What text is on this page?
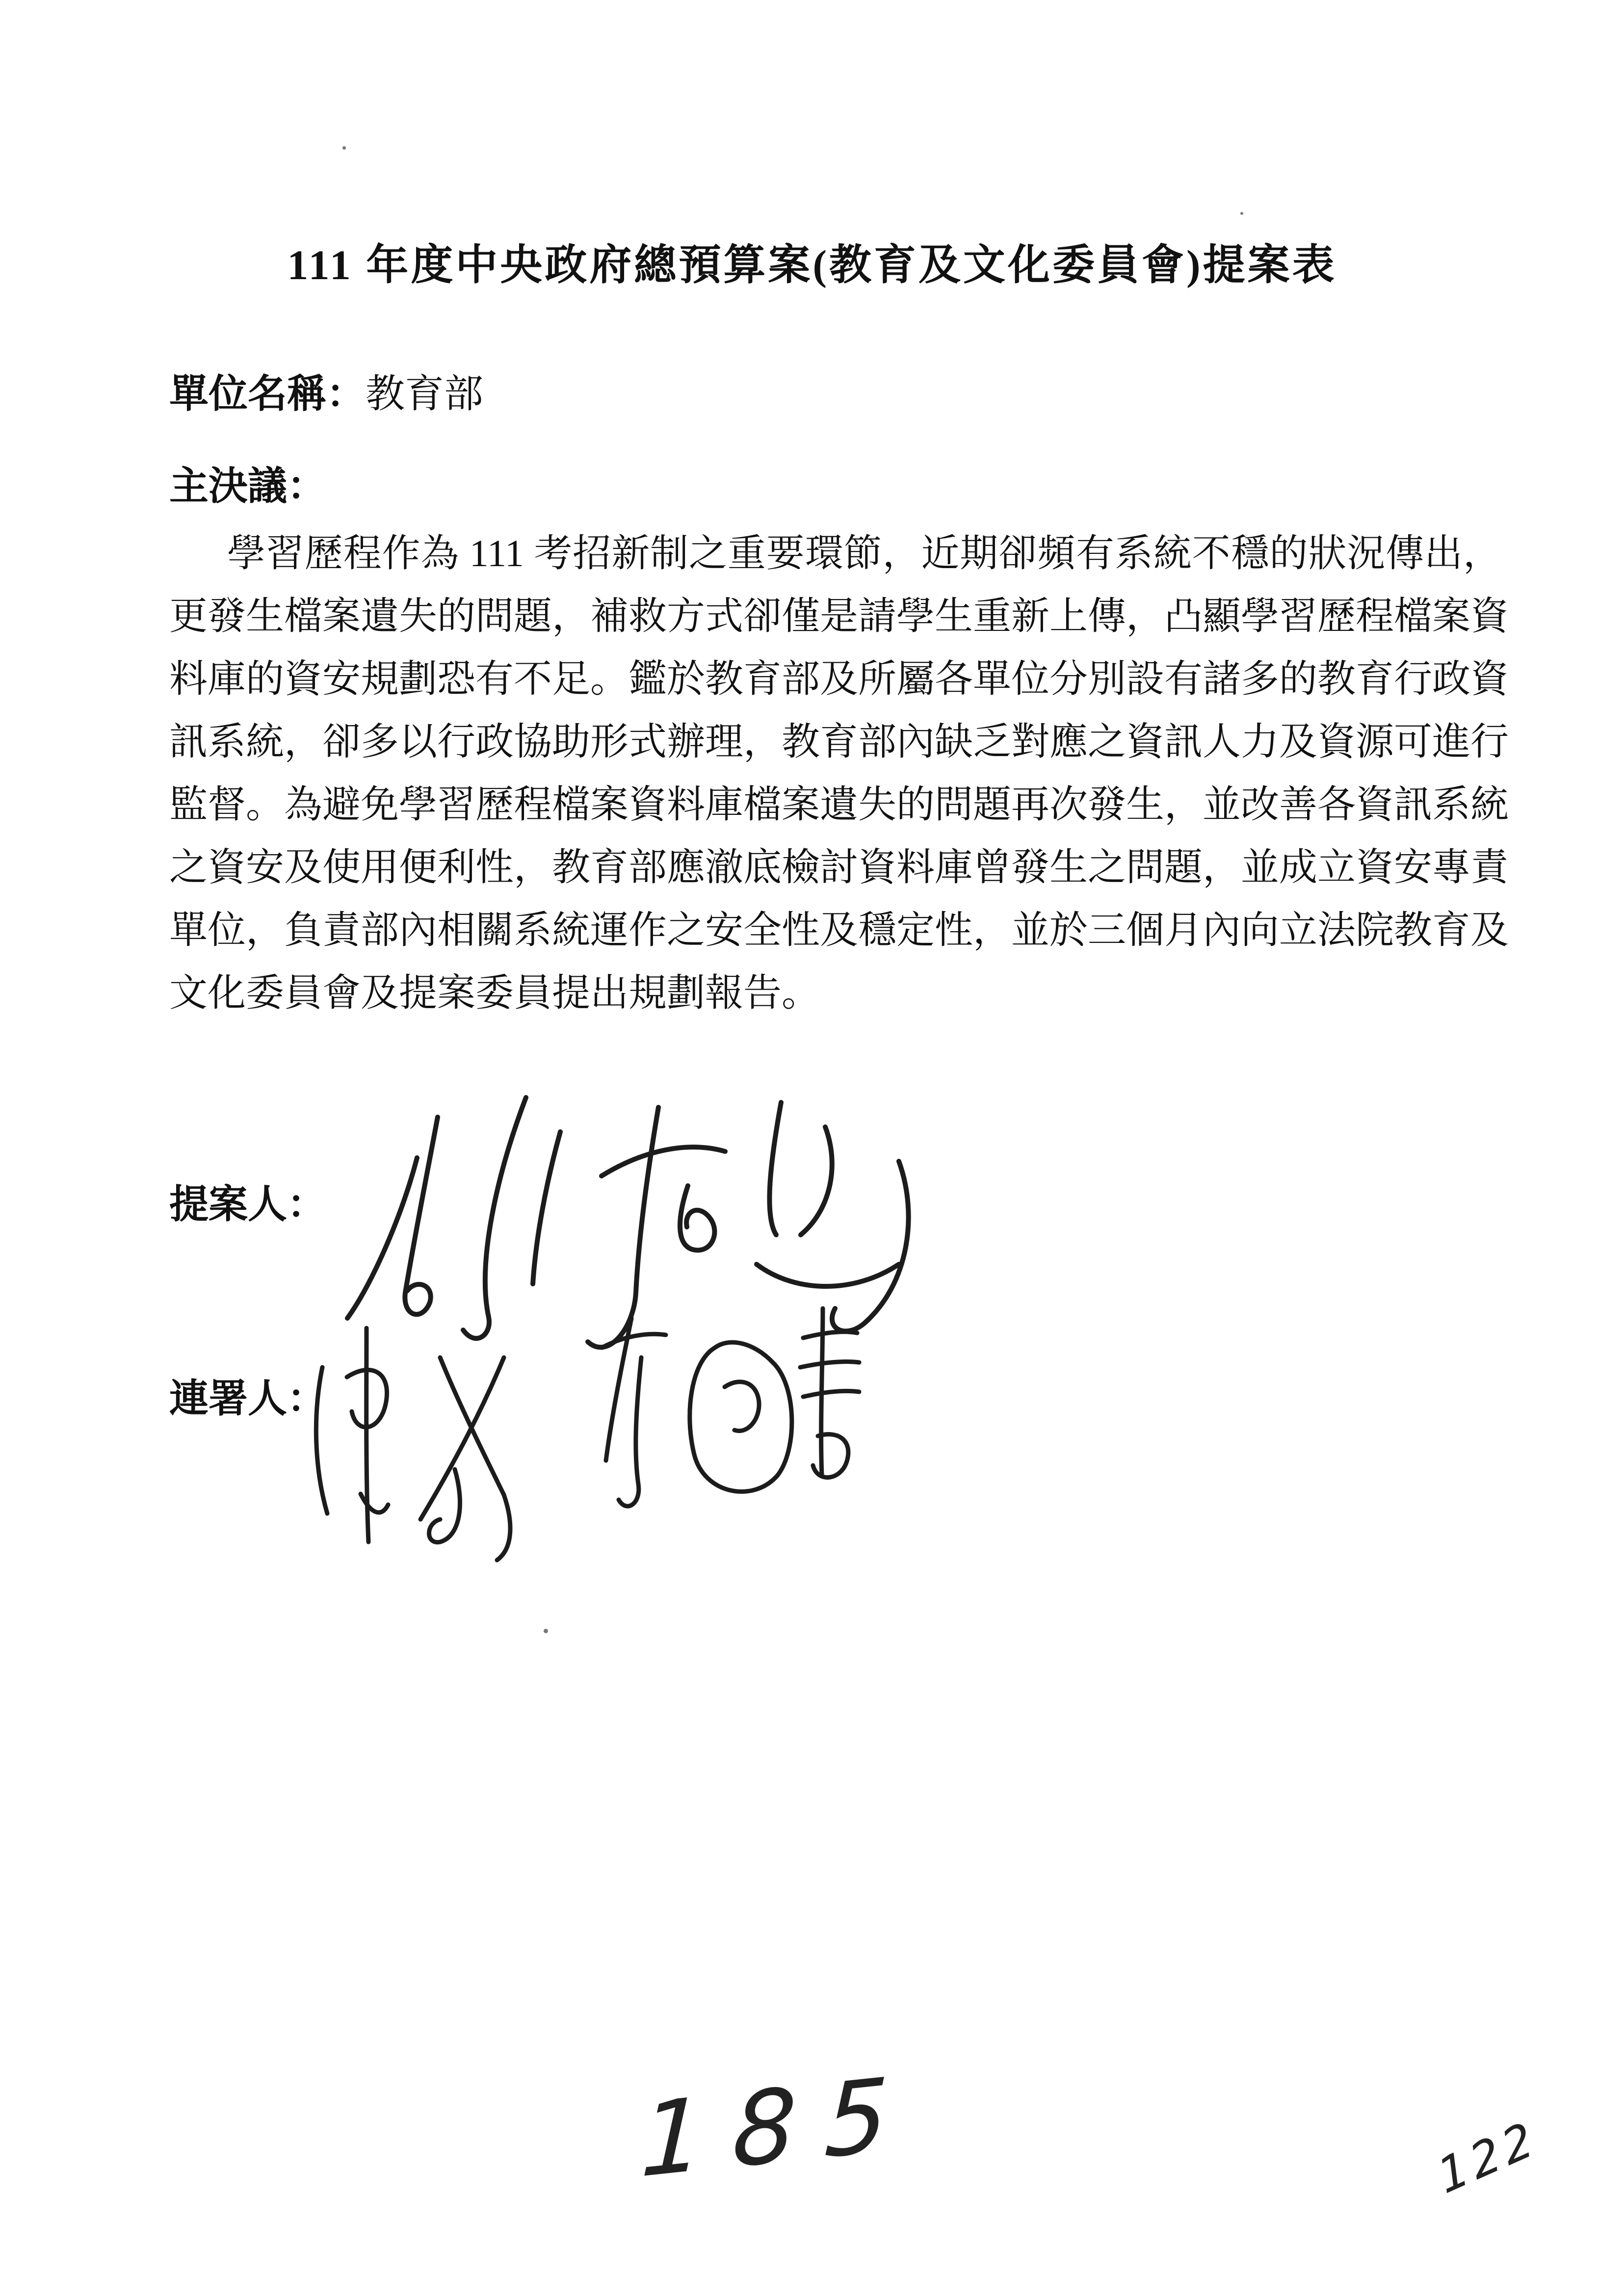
111 年度中央政府總預算案(教育及文化委員會)提案表
單位名稱：教育部
主決議：
學習歷程作為 111 考招新制之重要環節，近期卻頻有系統不穩的狀況傳出，
更發生檔案遺失的問題，補救方式卻僅是請學生重新上傳，凸顯學習歷程檔案資
料庫的資安規劃恐有不足。鑑於教育部及所屬各單位分別設有諸多的教育行政資
訊系統，卻多以行政協助形式辦理，教育部內缺乏對應之資訊人力及資源可進行
監督。為避免學習歷程檔案資料庫檔案遺失的問題再次發生，並改善各資訊系統
之資安及使用便利性，教育部應澈底檢討資料庫曾發生之問題，並成立資安專責
單位，負責部內相關系統運作之安全性及穩定性，並於三個月內向立法院教育及
文化委員會及提案委員提出規劃報告。
提案人：
連署人：
185	122
